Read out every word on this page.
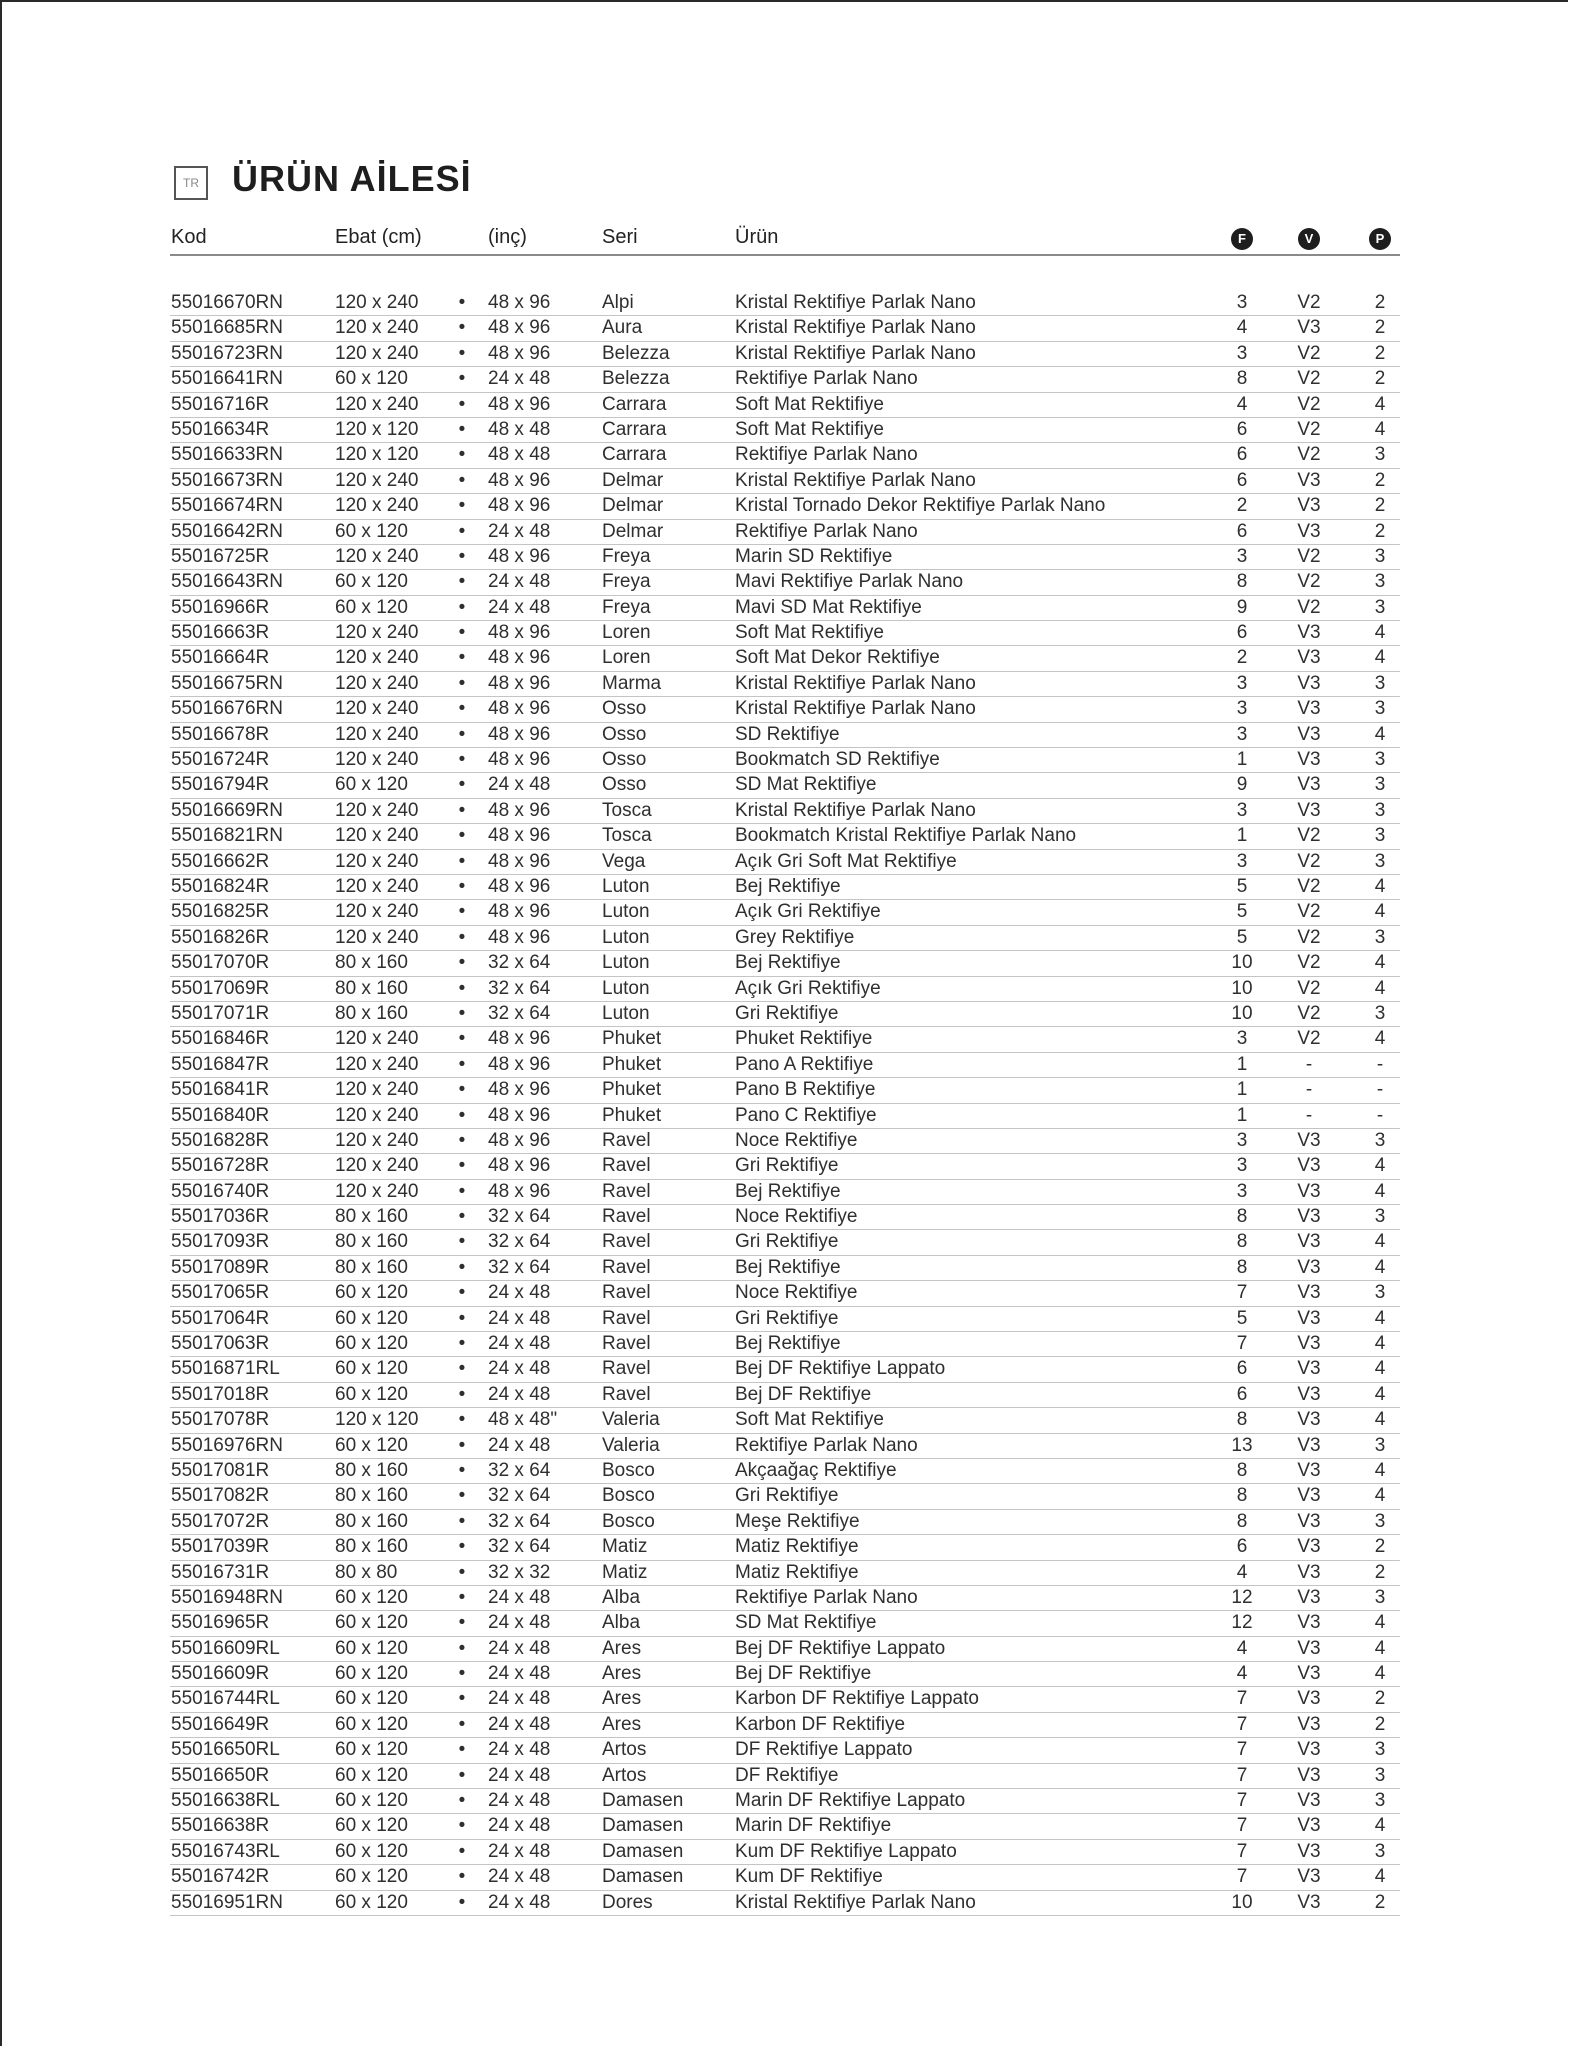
TR ÜRÜN AİLESİ
Kod	Ebat (cm)	(inç)	Seri	Ürün	F	V	P
55016670RN	120 x 240 • 48 x 96	Alpi	Kristal Rektifiye Parlak Nano	3	V2	2
55016685RN	120 x 240 • 48 x 96	Aura	Kristal Rektifiye Parlak Nano	4	V3	2
55016723RN	120 x 240 • 48 x 96	Belezza	Kristal Rektifiye Parlak Nano	3	V2	2
55016641RN	60 x 120	• 24 x 48	Belezza	Rektifiye Parlak Nano	8	V2	2
55016716R	120 x 240 • 48 x 96	Carrara	Soft Mat Rektifiye	4	V2	4
55016634R	120 x 120 • 48 x 48	Carrara	Soft Mat Rektifiye	6	V2	4
55016633RN	120 x 120 • 48 x 48	Carrara	Rektifiye Parlak Nano	6	V2	3
55016673RN	120 x 240 • 48 x 96	Delmar	Kristal Rektifiye Parlak Nano	6	V3	2
55016674RN	120 x 240 • 48 x 96	Delmar	Kristal Tornado Dekor Rektifiye Parlak Nano	2	V3	2
55016642RN	60 x 120	• 24 x 48	Delmar	Rektifiye Parlak Nano	6	V3	2
55016725R	120 x 240 • 48 x 96	Freya	Marin SD Rektifiye	3	V2	3
55016643RN	60 x 120	• 24 x 48	Freya	Mavi Rektifiye Parlak Nano	8	V2	3
55016966R	60 x 120	• 24 x 48	Freya	Mavi SD Mat Rektifiye	9	V2	3
55016663R	120 x 240 • 48 x 96	Loren	Soft Mat Rektifiye	6	V3	4
55016664R	120 x 240 • 48 x 96	Loren	Soft Mat Dekor Rektifiye	2	V3	4
55016675RN	120 x 240 • 48 x 96	Marma	Kristal Rektifiye Parlak Nano	3	V3	3
55016676RN	120 x 240 • 48 x 96	Osso	Kristal Rektifiye Parlak Nano	3	V3	3
55016678R	120 x 240 • 48 x 96	Osso	SD Rektifiye	3	V3	4
55016724R	120 x 240 • 48 x 96	Osso	Bookmatch SD Rektifiye	1	V3	3
55016794R	60 x 120	• 24 x 48	Osso	SD Mat Rektifiye	9	V3	3
55016669RN	120 x 240 • 48 x 96	Tosca	Kristal Rektifiye Parlak Nano	3	V3	3
55016821RN	120 x 240 • 48 x 96	Tosca	Bookmatch Kristal Rektifiye Parlak Nano	1	V2	3
55016662R	120 x 240 • 48 x 96	Vega	Açık Gri Soft Mat Rektifiye	3	V2	3
55016824R	120 x 240 • 48 x 96	Luton	Bej Rektifiye	5	V2	4
55016825R	120 x 240 • 48 x 96	Luton	Açık Gri Rektifiye	5	V2	4
55016826R	120 x 240 • 48 x 96	Luton	Grey Rektifiye	5	V2	3
55017070R	80 x 160	• 32 x 64	Luton	Bej Rektifiye	10	V2	4
55017069R	80 x 160	• 32 x 64	Luton	Açık Gri Rektifiye	10	V2	4
55017071R	80 x 160	• 32 x 64	Luton	Gri Rektifiye	10	V2	3
55016846R	120 x 240 • 48 x 96	Phuket	Phuket Rektifiye	3	V2	4
55016847R	120 x 240 • 48 x 96	Phuket	Pano A Rektifiye	1	-	-
55016841R	120 x 240 • 48 x 96	Phuket	Pano B Rektifiye	1	-	-
55016840R	120 x 240 • 48 x 96	Phuket	Pano C Rektifiye	1	-	-
55016828R	120 x 240 • 48 x 96	Ravel	Noce Rektifiye	3	V3	3
55016728R	120 x 240 • 48 x 96	Ravel	Gri Rektifiye	3	V3	4
55016740R	120 x 240 • 48 x 96	Ravel	Bej Rektifiye	3	V3	4
55017036R	80 x 160	• 32 x 64	Ravel	Noce Rektifiye	8	V3	3
55017093R	80 x 160	• 32 x 64	Ravel	Gri Rektifiye	8	V3	4
55017089R	80 x 160	• 32 x 64	Ravel	Bej Rektifiye	8	V3	4
55017065R	60 x 120	• 24 x 48	Ravel	Noce Rektifiye	7	V3	3
55017064R	60 x 120	• 24 x 48	Ravel	Gri Rektifiye	5	V3	4
55017063R	60 x 120	• 24 x 48	Ravel	Bej Rektifiye	7	V3	4
55016871RL	60 x 120	• 24 x 48	Ravel	Bej DF Rektifiye Lappato	6	V3	4
55017018R	60 x 120	• 24 x 48	Ravel	Bej DF Rektifiye	6	V3	4
55017078R	120 x 120 • 48 x 48" Valeria	Soft Mat Rektifiye	8	V3	4
55016976RN	60 x 120	• 24 x 48	Valeria	Rektifiye Parlak Nano	13	V3	3
55017081R	80 x 160	• 32 x 64	Bosco	Akçaağaç Rektifiye	8	V3	4
55017082R	80 x 160	• 32 x 64	Bosco	Gri Rektifiye	8	V3	4
55017072R	80 x 160	• 32 x 64	Bosco	Meşe Rektifiye	8	V3	3
55017039R	80 x 160	• 32 x 64	Matiz	Matiz Rektifiye	6	V3	2
55016731R	80 x 80	• 32 x 32	Matiz	Matiz Rektifiye	4	V3	2
55016948RN	60 x 120	• 24 x 48	Alba	Rektifiye Parlak Nano	12	V3	3
55016965R	60 x 120	• 24 x 48	Alba	SD Mat Rektifiye	12	V3	4
55016609RL	60 x 120	• 24 x 48	Ares	Bej DF Rektifiye Lappato	4	V3	4
55016609R	60 x 120	• 24 x 48	Ares	Bej DF Rektifiye	4	V3	4
55016744RL	60 x 120	• 24 x 48	Ares	Karbon DF Rektifiye Lappato	7	V3	2
55016649R	60 x 120	• 24 x 48	Ares	Karbon DF Rektifiye	7	V3	2
55016650RL	60 x 120	• 24 x 48	Artos	DF Rektifiye Lappato	7	V3	3
55016650R	60 x 120	• 24 x 48	Artos	DF Rektifiye	7	V3	3
55016638RL	60 x 120	• 24 x 48	Damasen	Marin DF Rektifiye Lappato	7	V3	3
55016638R	60 x 120	• 24 x 48	Damasen	Marin DF Rektifiye	7	V3	4
55016743RL	60 x 120	• 24 x 48	Damasen	Kum DF Rektifiye Lappato	7	V3	3
55016742R	60 x 120	• 24 x 48	Damasen	Kum DF Rektifiye	7	V3	4
55016951RN	60 x 120	• 24 x 48	Dores	Kristal Rektifiye Parlak Nano	10	V3	2
